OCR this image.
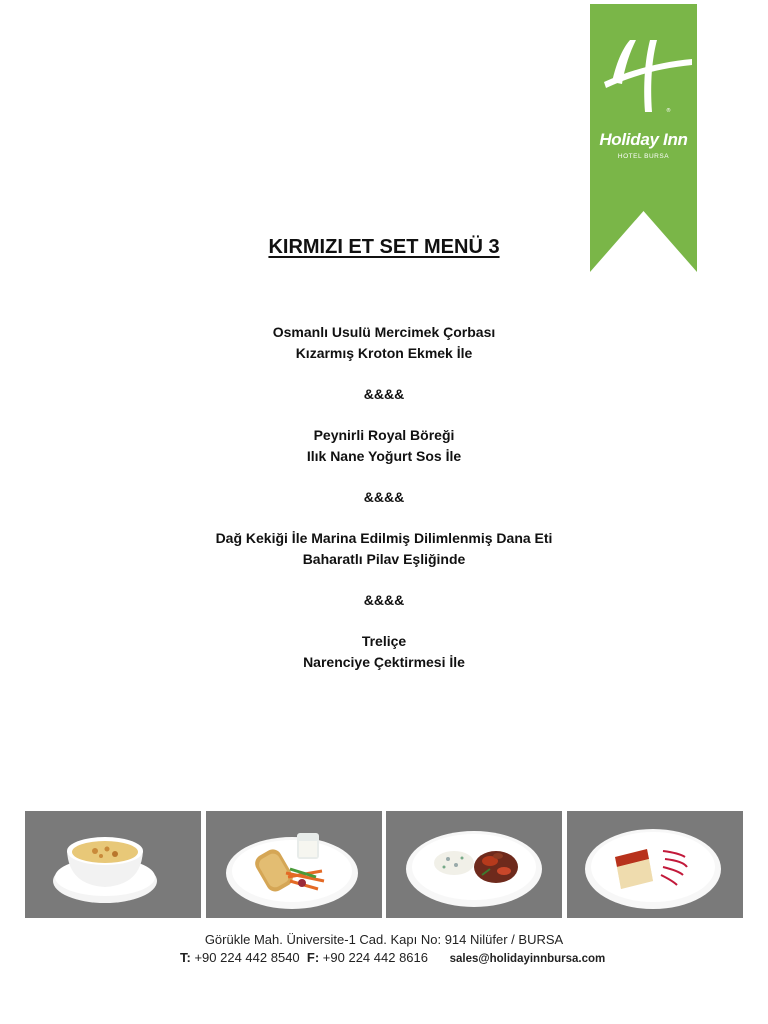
®
Holiday Inn
HOTEL BURSA
KIRMIZI ET SET MENÜ 3
Osmanlı Usulü Mercimek Çorbası
Kızarmış Kroton Ekmek İle
&&&&
Peynirli Royal Böreği
Ilık Nane Yoğurt Sos İle
&&&&
Dağ Kekiği İle Marina Edilmiş Dilimlenmiş Dana Eti
Baharatlı Pilav Eşliğinde
&&&&
Treliçe
Narenciye Çektirmesi İle
Görükle Mah. Üniversite-1 Cad. Kapı No: 914 Nilüfer / BURSA
T: +90 224 442 8540 F: +90 224 442 8616 sales@holidayinnbursa.com
